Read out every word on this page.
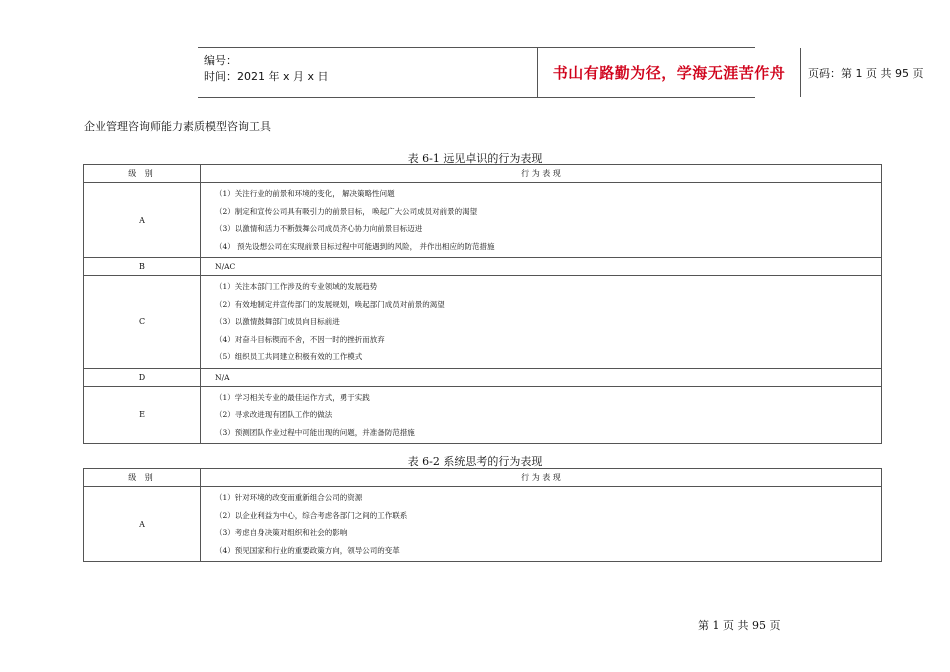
编号：
时间：2021 年 x 月 x 日	书山有路勤为径，学海无涯苦作舟	页码：第 1 页 共 95 页
企业管理咨询师能力素质模型咨询工具
表 6-1 远见卓识的行为表现
级 别	行 为 表 现
A	（1）关注行业的前景和环境的变化， 解决策略性问题
（2）制定和宣传公司具有吸引力的前景目标， 唤起广大公司成员对前景的渴望
（3）以激情和活力不断鼓舞公司成员齐心协力向前景目标迈进
（4） 预先设想公司在实现前景目标过程中可能遇到的风险， 并作出相应的防范措施

B	N/AC
C	（1）关注本部门工作涉及的专业领域的发展趋势
（2）有效地制定并宣传部门的发展规划，唤起部门成员对前景的渴望
（3）以激情鼓舞部门成员向目标前进
（4）对奋斗目标锲而不舍，不因一时的挫折而放弃
（5）组织员工共同建立积极有效的工作模式

D	N/A
E	（1）学习相关专业的最佳运作方式，勇于实践
（2）寻求改进现有团队工作的做法
（3）预测团队作业过程中可能出现的问题，并准备防范措施
表 6-2 系统思考的行为表现
级 别	行 为 表 现
A	（1）针对环境的改变而重新组合公司的资源
（2）以企业利益为中心，综合考虑各部门之间的工作联系
（3）考虑自身决策对组织和社会的影响
（4）预见国家和行业的重要政策方向，领导公司的变革
第 1 页 共 95 页
